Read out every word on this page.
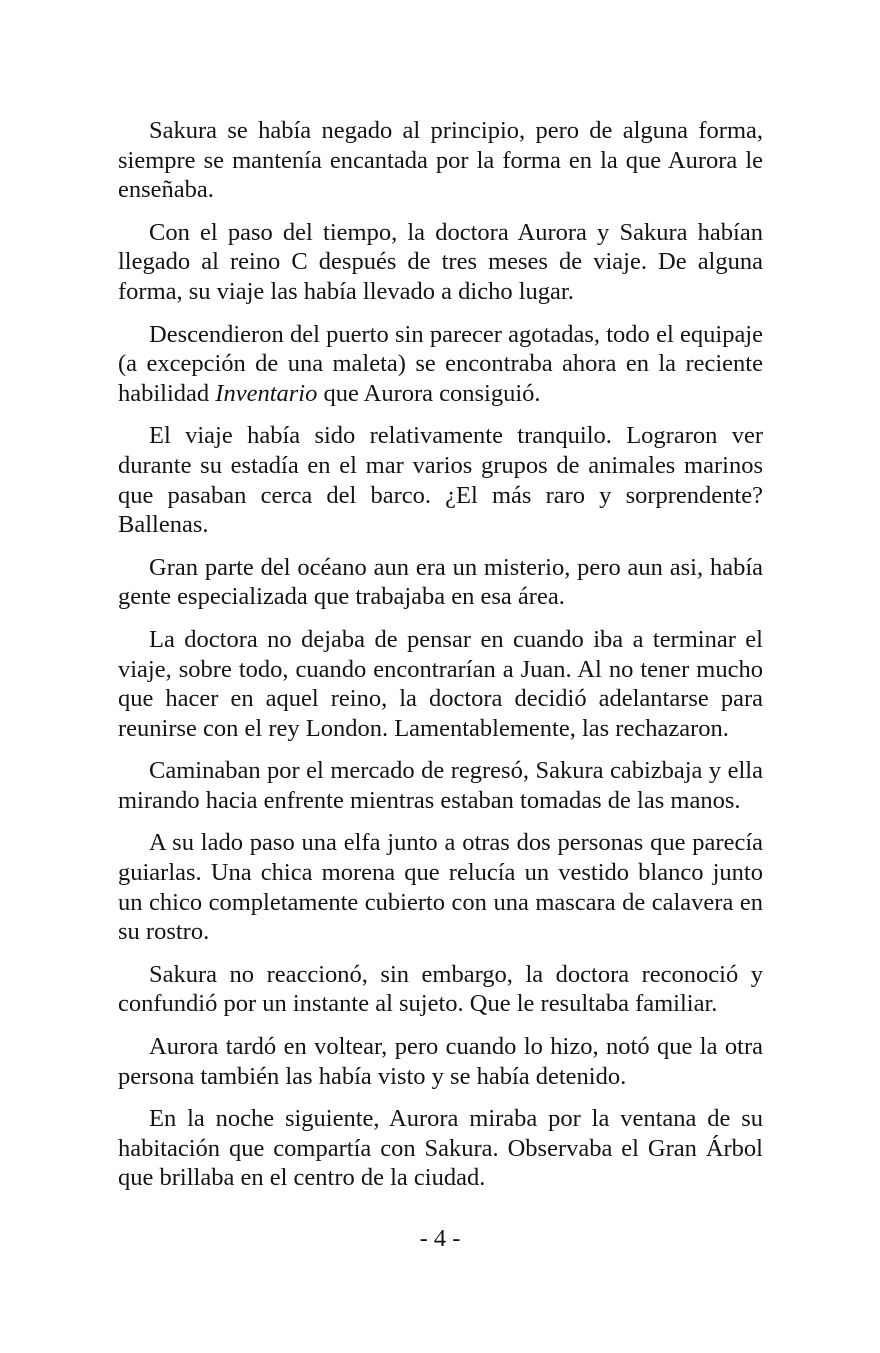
Sakura se había negado al principio, pero de alguna forma, siempre se mantenía encantada por la forma en la que Aurora le enseñaba.

Con el paso del tiempo, la doctora Aurora y Sakura habían llegado al reino C después de tres meses de viaje. De alguna forma, su viaje las había llevado a dicho lugar.

Descendieron del puerto sin parecer agotadas, todo el equipaje (a excepción de una maleta) se encontraba ahora en la reciente habilidad Inventario que Aurora consiguió.

El viaje había sido relativamente tranquilo. Lograron ver durante su estadía en el mar varios grupos de animales marinos que pasaban cerca del barco. ¿El más raro y sorprendente? Ballenas.

Gran parte del océano aun era un misterio, pero aun asi, había gente especializada que trabajaba en esa área.

La doctora no dejaba de pensar en cuando iba a terminar el viaje, sobre todo, cuando encontrarían a Juan. Al no tener mucho que hacer en aquel reino, la doctora decidió adelantarse para reunirse con el rey London. Lamentablemente, las rechazaron.

Caminaban por el mercado de regresó, Sakura cabizbaja y ella mirando hacia enfrente mientras estaban tomadas de las manos.

A su lado paso una elfa junto a otras dos personas que parecía guiarlas. Una chica morena que relucía un vestido blanco junto un chico completamente cubierto con una mascara de calavera en su rostro.

Sakura no reaccionó, sin embargo, la doctora reconoció y confundió por un instante al sujeto. Que le resultaba familiar.

Aurora tardó en voltear, pero cuando lo hizo, notó que la otra persona también las había visto y se había detenido.

En la noche siguiente, Aurora miraba por la ventana de su habitación que compartía con Sakura. Observaba el Gran Árbol que brillaba en el centro de la ciudad.

- 4 -
